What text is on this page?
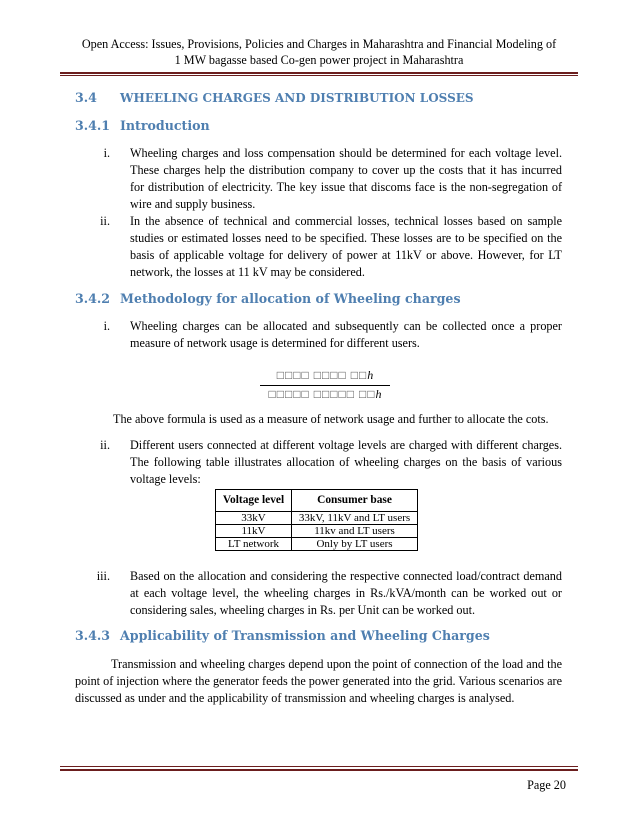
Open Access: Issues, Provisions, Policies and Charges in Maharashtra and Financial Modeling of
1 MW bagasse based Co-gen power project in Maharashtra
3.4 WHEELING CHARGES AND DISTRIBUTION LOSSES
3.4.1 Introduction
i. Wheeling charges and loss compensation should be determined for each voltage level. These charges help the distribution company to cover up the costs that it has incurred for distribution of electricity. The key issue that discoms face is the non-segregation of wire and supply business.
ii. In the absence of technical and commercial losses, technical losses based on sample studies or estimated losses need to be specified. These losses are to be specified on the basis of applicable voltage for delivery of power at 11kV or above. However, for LT network, the losses at 11 kV may be considered.
3.4.2 Methodology for allocation of Wheeling charges
i. Wheeling charges can be allocated and subsequently can be collected once a proper measure of network usage is determined for different users.
$\frac{□□□□ □□□□ □□h}{□□□□□ □□□□□ □□h}$
The above formula is used as a measure of network usage and further to allocate the cots.
ii. Different users connected at different voltage levels are charged with different charges. The following table illustrates allocation of wheeling charges on the basis of various voltage levels:
Voltage level	Consumer base
33kV	33kV, 11kV and LT users
11kV	11kv and LT users
LT network	Only by LT users
iii. Based on the allocation and considering the respective connected load/contract demand at each voltage level, the wheeling charges in Rs./kVA/month can be worked out or considering sales, wheeling charges in Rs. per Unit can be worked out.
3.4.3 Applicability of Transmission and Wheeling Charges
Transmission and wheeling charges depend upon the point of connection of the load and the point of injection where the generator feeds the power generated into the grid. Various scenarios are discussed as under and the applicability of transmission and wheeling charges is analysed.
Page 20
